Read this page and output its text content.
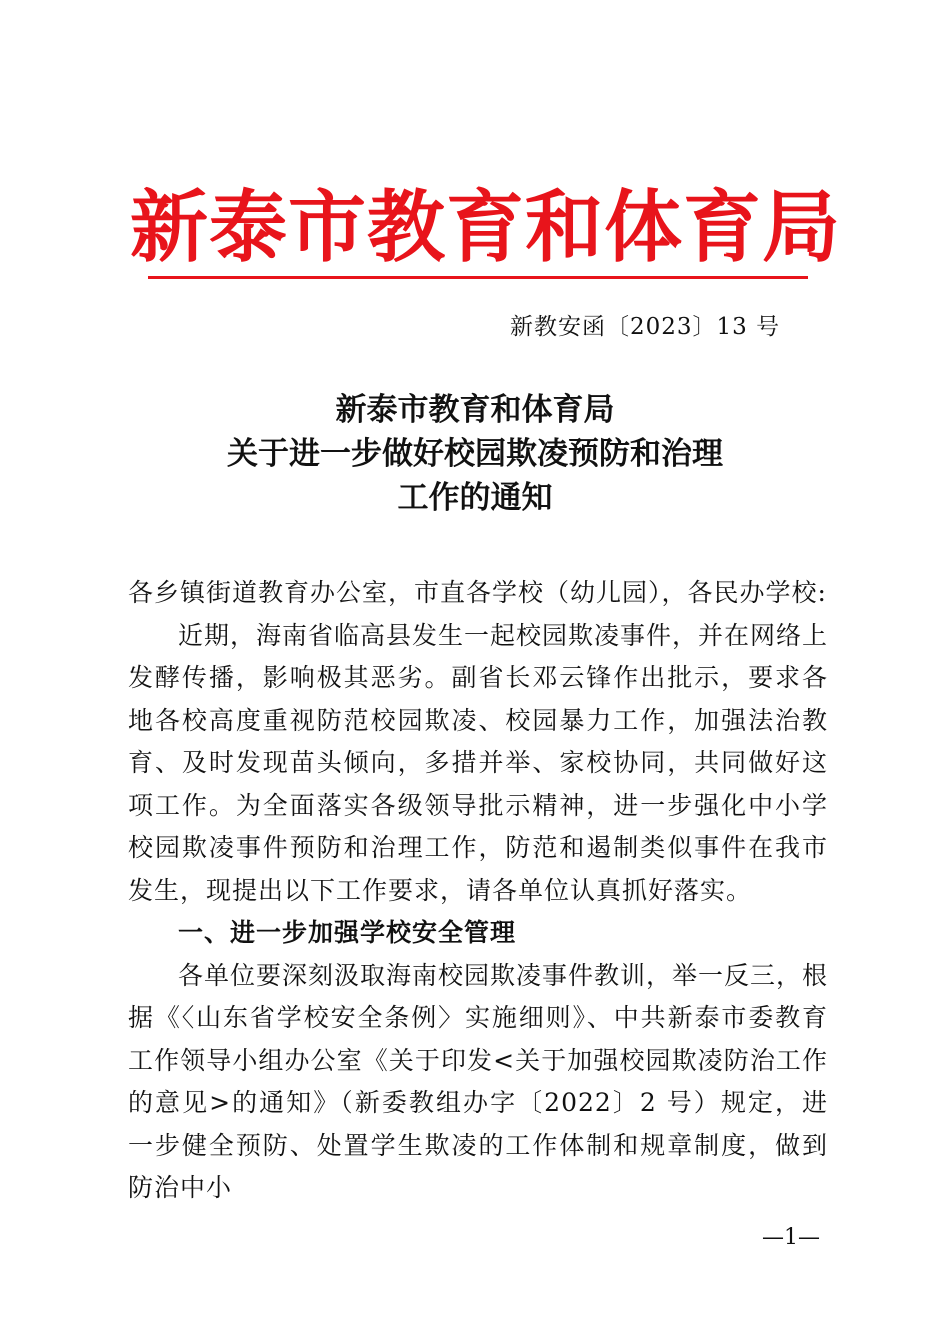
新泰市教育和体育局
新教安函〔2023〕13 号
新泰市教育和体育局
关于进一步做好校园欺凌预防和治理
工作的通知

各乡镇街道教育办公室，市直各学校（幼儿园），各民办学校:

近期，海南省临高县发生一起校园欺凌事件，并在网络上发酵传播，影响极其恶劣。副省长邓云锋作出批示，要求各地各校高度重视防范校园欺凌、校园暴力工作，加强法治教育、及时发现苗头倾向，多措并举、家校协同，共同做好这项工作。为全面落实各级领导批示精神，进一步强化中小学校园欺凌事件预防和治理工作，防范和遏制类似事件在我市发生，现提出以下工作要求，请各单位认真抓好落实。

一、进一步加强学校安全管理

各单位要深刻汲取海南校园欺凌事件教训，举一反三，根据《〈山东省学校安全条例〉实施细则》、中共新泰市委教育工作领导小组办公室《关于印发<关于加强校园欺凌防治工作的意见>的通知》（新委教组办字〔2022〕2 号）规定，进一步健全预防、处置学生欺凌的工作体制和规章制度，做到防治中小

—1—
